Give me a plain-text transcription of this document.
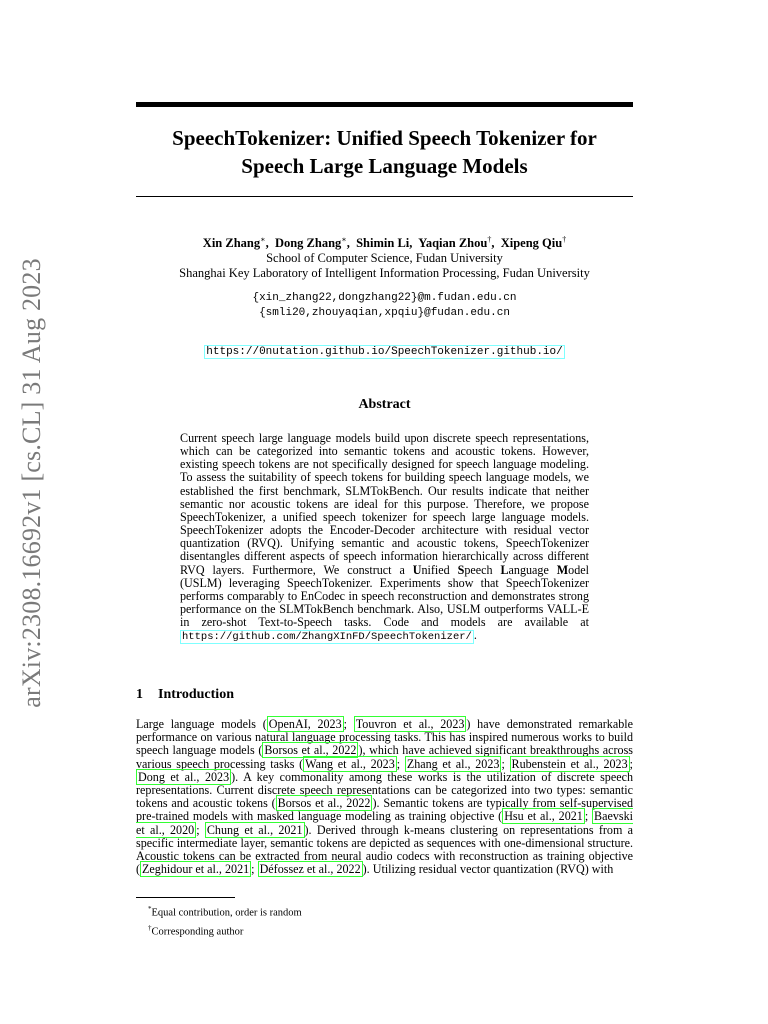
arXiv:2308.16692v1 [cs.CL] 31 Aug 2023
SpeechTokenizer: Unified Speech Tokenizer for
Speech Large Language Models
Xin Zhang∗,  Dong Zhang∗,  Shimin Li,  Yaqian Zhou†,  Xipeng Qiu†
School of Computer Science, Fudan University
Shanghai Key Laboratory of Intelligent Information Processing, Fudan University
{xin_zhang22,dongzhang22}@m.fudan.edu.cn
{smli20,zhouyaqian,xpqiu}@fudan.edu.cn
https://0nutation.github.io/SpeechTokenizer.github.io/
Abstract
Current speech large language models build upon discrete speech representations, which can be categorized into semantic tokens and acoustic tokens. However, existing speech tokens are not specifically designed for speech language modeling. To assess the suitability of speech tokens for building speech language models, we established the first benchmark, SLMTokBench. Our results indicate that neither semantic nor acoustic tokens are ideal for this purpose. Therefore, we propose SpeechTokenizer, a unified speech tokenizer for speech large language models. SpeechTokenizer adopts the Encoder-Decoder architecture with residual vector quantization (RVQ). Unifying semantic and acoustic tokens, SpeechTokenizer disentangles different aspects of speech information hierarchically across different RVQ layers. Furthermore, We construct a Unified Speech Language Model (USLM) leveraging SpeechTokenizer. Experiments show that SpeechTokenizer performs comparably to EnCodec in speech reconstruction and demonstrates strong performance on the SLMTokBench benchmark. Also, USLM outperforms VALL-E in zero-shot Text-to-Speech tasks. Code and models are available at https://github.com/ZhangXInFD/SpeechTokenizer/ .
1 Introduction
Large language models ( OpenAI, 2023 ; Touvron et al., 2023 ) have demonstrated remarkable performance on various natural language processing tasks. This has inspired numerous works to build speech language models ( Borsos et al., 2022 ), which have achieved significant breakthroughs across various speech processing tasks ( Wang et al., 2023 ; Zhang et al., 2023 ; Rubenstein et al., 2023 ; Dong et al., 2023 ). A key commonality among these works is the utilization of discrete speech representations. Current discrete speech representations can be categorized into two types: semantic tokens and acoustic tokens ( Borsos et al., 2022 ). Semantic tokens are typically from self-supervised pre-trained models with masked language modeling as training objective ( Hsu et al., 2021 ; Baevski et al., 2020 ; Chung et al., 2021 ). Derived through k-means clustering on representations from a specific intermediate layer, semantic tokens are depicted as sequences with one-dimensional structure. Acoustic tokens can be extracted from neural audio codecs with reconstruction as training objective ( Zeghidour et al., 2021 ; Défossez et al., 2022 ). Utilizing residual vector quantization (RVQ) with
*Equal contribution, order is random
†Corresponding author
